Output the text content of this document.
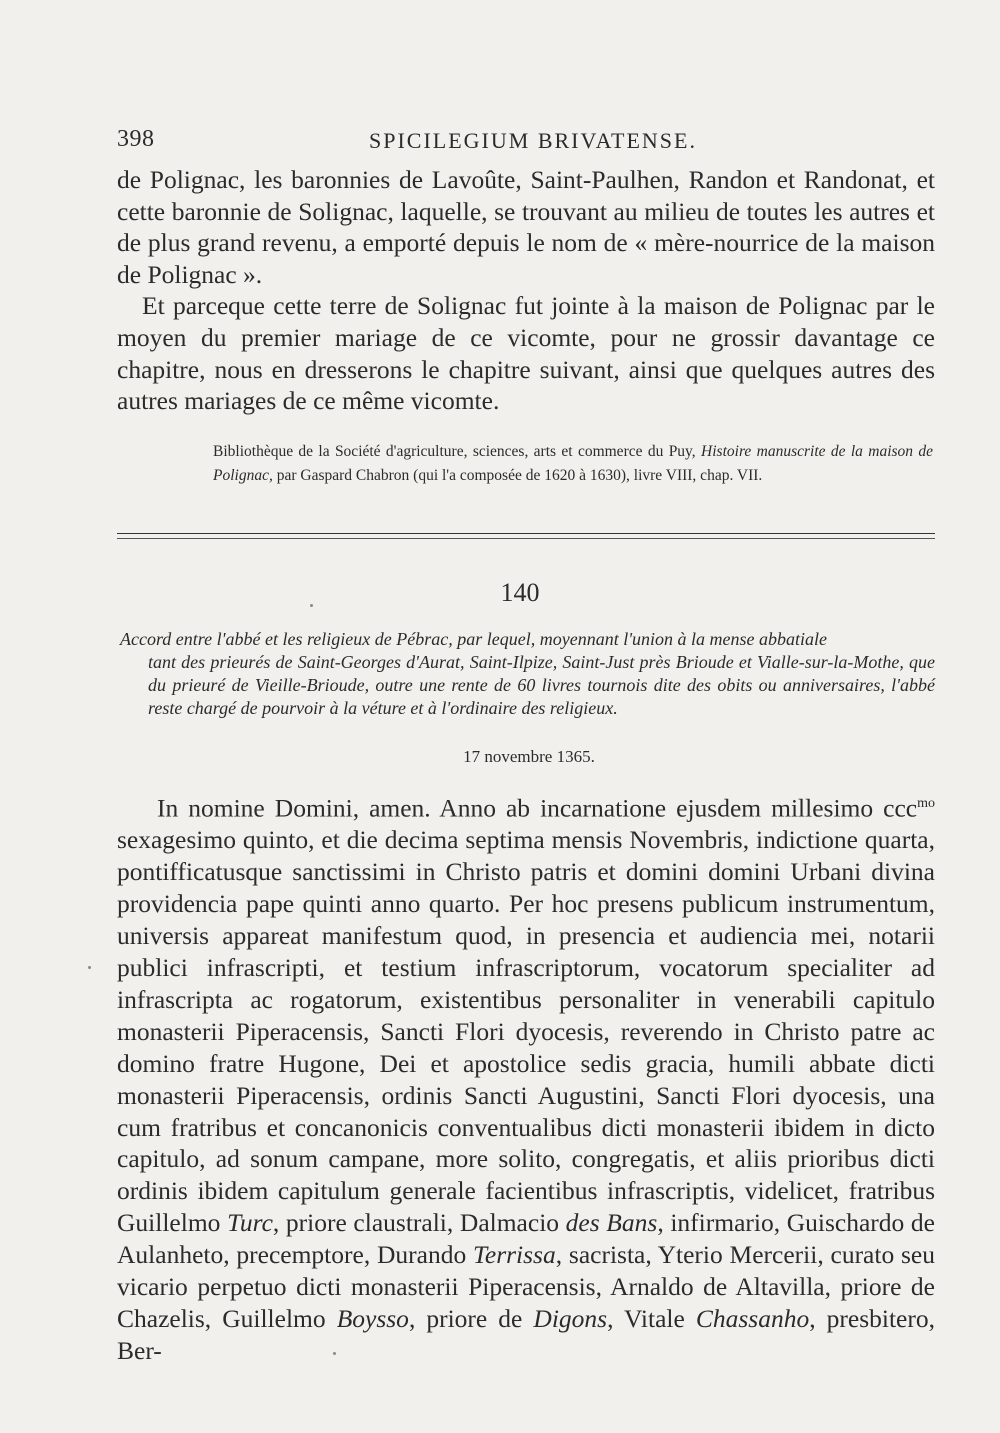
398	SPICILEGIUM BRIVATENSE.

de Polignac, les baronnies de Lavoûte, Saint-Paulhen, Randon et Randonat, et cette baronnie de Solignac, laquelle, se trouvant au milieu de toutes les autres et de plus grand revenu, a emporté depuis le nom de « mère-nourrice de la maison de Polignac ».

Et parceque cette terre de Solignac fut jointe à la maison de Polignac par le moyen du premier mariage de ce vicomte, pour ne grossir davantage ce chapitre, nous en dresserons le chapitre suivant, ainsi que quelques autres des autres mariages de ce même vicomte.

Bibliothèque de la Société d'agriculture, sciences, arts et commerce du Puy, Histoire manuscrite de la maison de Polignac, par Gaspard Chabron (qui l'a composée de 1620 à 1630), livre VIII, chap. VII.
140
Accord entre l'abbé et les religieux de Pébrac, par lequel, moyennant l'union à la mense abbatiale
tant des prieurés de Saint-Georges d'Aurat, Saint-Ilpize, Saint-Just près Brioude et Vialle-sur-la-Mothe, que du prieuré de Vieille-Brioude, outre une rente de 60 livres tournois dite des obits ou anniversaires, l'abbé reste chargé de pourvoir à la véture et à l'ordinaire des religieux.
17 novembre 1365.

In nomine Domini, amen. Anno ab incarnatione ejusdem millesimo ccc$^{mo}$ sexagesimo quinto, et die decima septima mensis Novembris, indictione quarta, pontifficatusque sanctissimi in Christo patris et domini domini Urbani divina providencia pape quinti anno quarto. Per hoc presens publicum instrumentum, universis appareat manifestum quod, in presencia et audiencia mei, notarii publici infrascripti, et testium infrascriptorum, vocatorum specialiter ad infrascripta ac rogatorum, existentibus personaliter in venerabili capitulo monasterii Piperacensis, Sancti Flori dyocesis, reverendo in Christo patre ac domino fratre Hugone, Dei et apostolice sedis gracia, humili abbate dicti monasterii Piperacensis, ordinis Sancti Augustini, Sancti Flori dyocesis, una cum fratribus et concanonicis conventualibus dicti monasterii ibidem in dicto capitulo, ad sonum campane, more solito, congregatis, et aliis prioribus dicti ordinis ibidem capitulum generale facientibus infrascriptis, videlicet, fratribus Guillelmo Turc, priore claustrali, Dalmacio des Bans, infirmario, Guischardo de Aulanheto, precemptore, Durando Terrissa, sacrista, Yterio Mercerii, curato seu vicario perpetuo dicti monasterii Piperacensis, Arnaldo de Altavilla, priore de Chazelis, Guillelmo Boysso, priore de Digons, Vitale Chassanho, presbitero, Ber-
